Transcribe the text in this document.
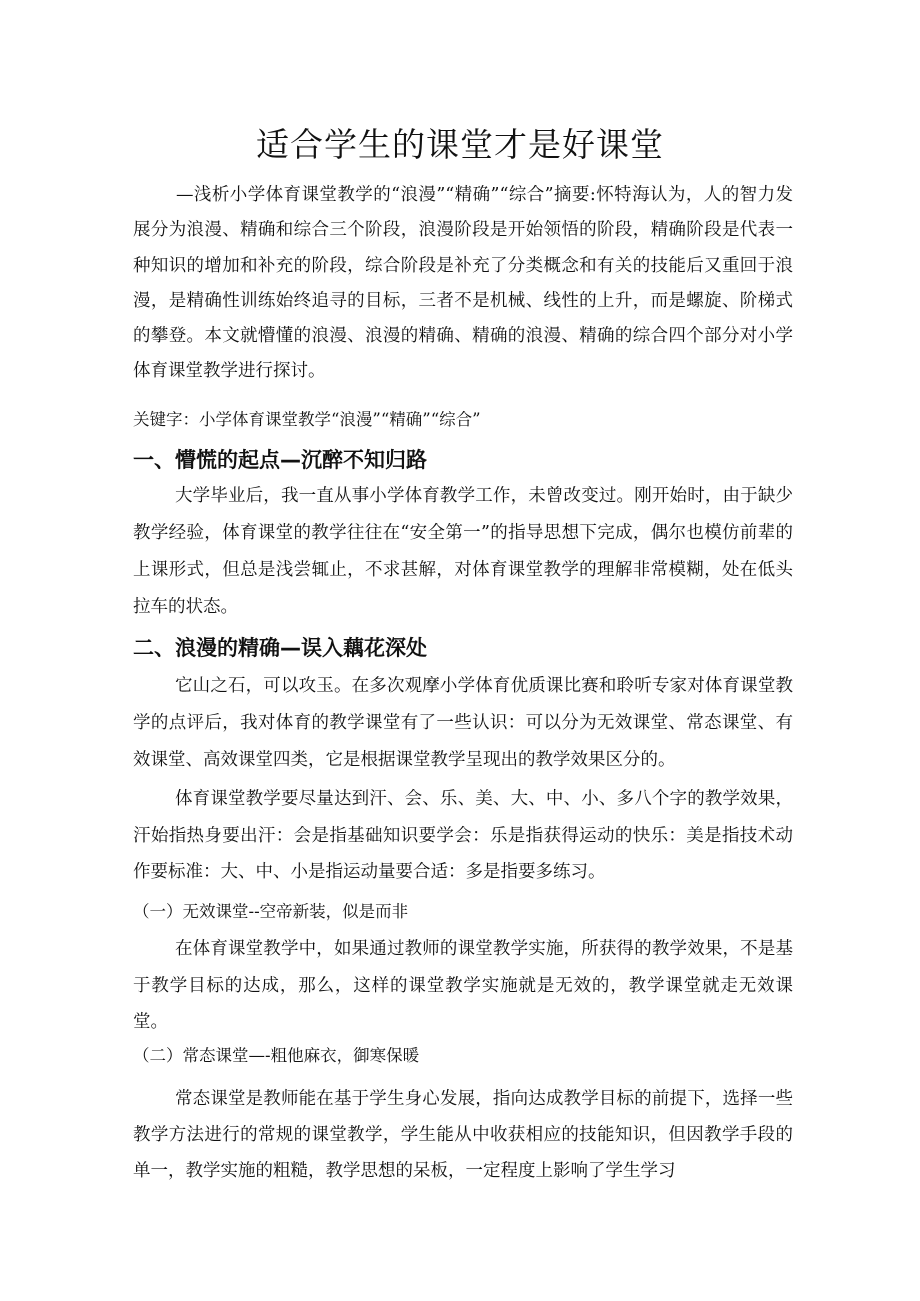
适合学生的课堂才是好课堂
—浅析小学体育课堂教学的“浪漫”“精确”“综合”摘要:怀特海认为，人的智力发展分为浪漫、精确和综合三个阶段，浪漫阶段是开始领悟的阶段，精确阶段是代表一种知识的增加和补充的阶段，综合阶段是补充了分类概念和有关的技能后又重回于浪漫，是精确性训练始终追寻的目标，三者不是机械、线性的上升，而是螺旋、阶梯式的攀登。本文就懵懂的浪漫、浪漫的精确、精确的浪漫、精确的综合四个部分对小学体育课堂教学进行探讨。
关键字：小学体育课堂教学“浪漫”“精确”“综合”
一、懵慌的起点—沉醉不知归路
大学毕业后，我一直从事小学体育教学工作，未曾改变过。刚开始时，由于缺少教学经验，体育课堂的教学往往在“安全第一”的指导思想下完成，偶尔也模仿前辈的上课形式，但总是浅尝辄止，不求甚解，对体育课堂教学的理解非常模糊，处在低头拉车的状态。
二、浪漫的精确—误入藕花深处
它山之石，可以攻玉。在多次观摩小学体育优质课比赛和聆听专家对体育课堂教学的点评后，我对体育的教学课堂有了一些认识：可以分为无效课堂、常态课堂、有效课堂、高效课堂四类，它是根据课堂教学呈现出的教学效果区分的。
体育课堂教学要尽量达到汗、会、乐、美、大、中、小、多八个字的教学效果，汗始指热身要出汗：会是指基础知识要学会：乐是指获得运动的快乐：美是指技术动作要标准：大、中、小是指运动量要合适：多是指要多练习。
（一）无效课堂--空帝新装，似是而非
在体育课堂教学中，如果通过教师的课堂教学实施，所获得的教学效果，不是基于教学目标的达成，那么，这样的课堂教学实施就是无效的，教学课堂就走无效课堂。
（二）常态课堂—-粗他麻衣，御寒保暖
常态课堂是教师能在基于学生身心发展，指向达成教学目标的前提下，选择一些教学方法进行的常规的课堂教学，学生能从中收获相应的技能知识，但因教学手段的单一，教学实施的粗糙，教学思想的呆板，一定程度上影响了学生学习
